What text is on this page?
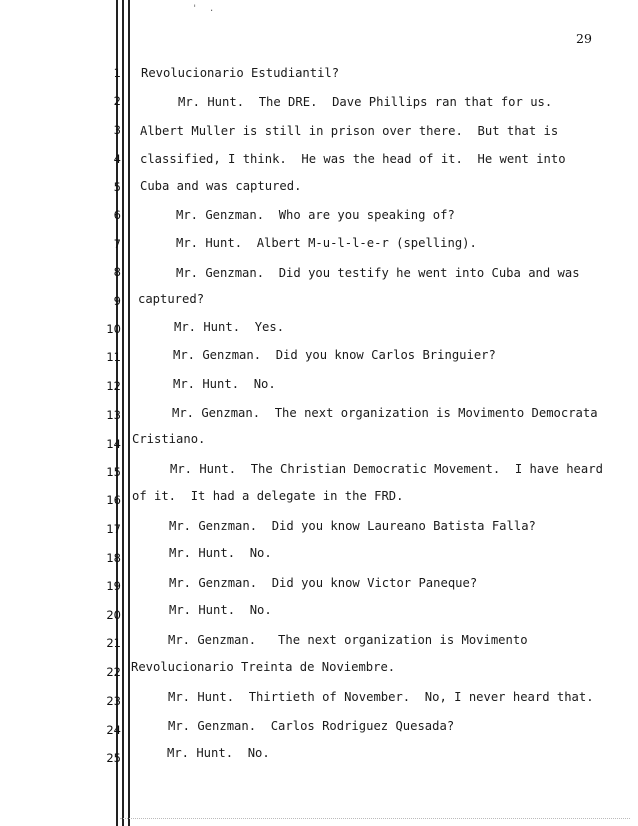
' .
29
1 Revolucionario Estudiantil?
2	Mr. Hunt.  The DRE.  Dave Phillips ran that for us.
3 Albert Muller is still in prison over there.  But that is
4 classified, I think.  He was the head of it.  He went into
5 Cuba and was captured.
6	Mr. Genzman.  Who are you speaking of?
7	Mr. Hunt.  Albert M-u-l-l-e-r (spelling).
8	Mr. Genzman.  Did you testify he went into Cuba and was
9 captured?
10	Mr. Hunt.  Yes.
11	Mr. Genzman.  Did you know Carlos Bringuier?
12	Mr. Hunt.  No.
13	Mr. Genzman.  The next organization is Movimento Democrata
14 Cristiano.
15	Mr. Hunt.  The Christian Democratic Movement.  I have heard
16 of it.  It had a delegate in the FRD.
17	Mr. Genzman.  Did you know Laureano Batista Falla?
18	Mr. Hunt.  No.
19	Mr. Genzman.  Did you know Victor Paneque?
20	Mr. Hunt.  No.
21	Mr. Genzman.   The next organization is Movimento
22 Revolucionario Treinta de Noviembre.
23	Mr. Hunt.  Thirtieth of November.  No, I never heard that.
24	Mr. Genzman.  Carlos Rodriguez Quesada?
25	Mr. Hunt.  No.
